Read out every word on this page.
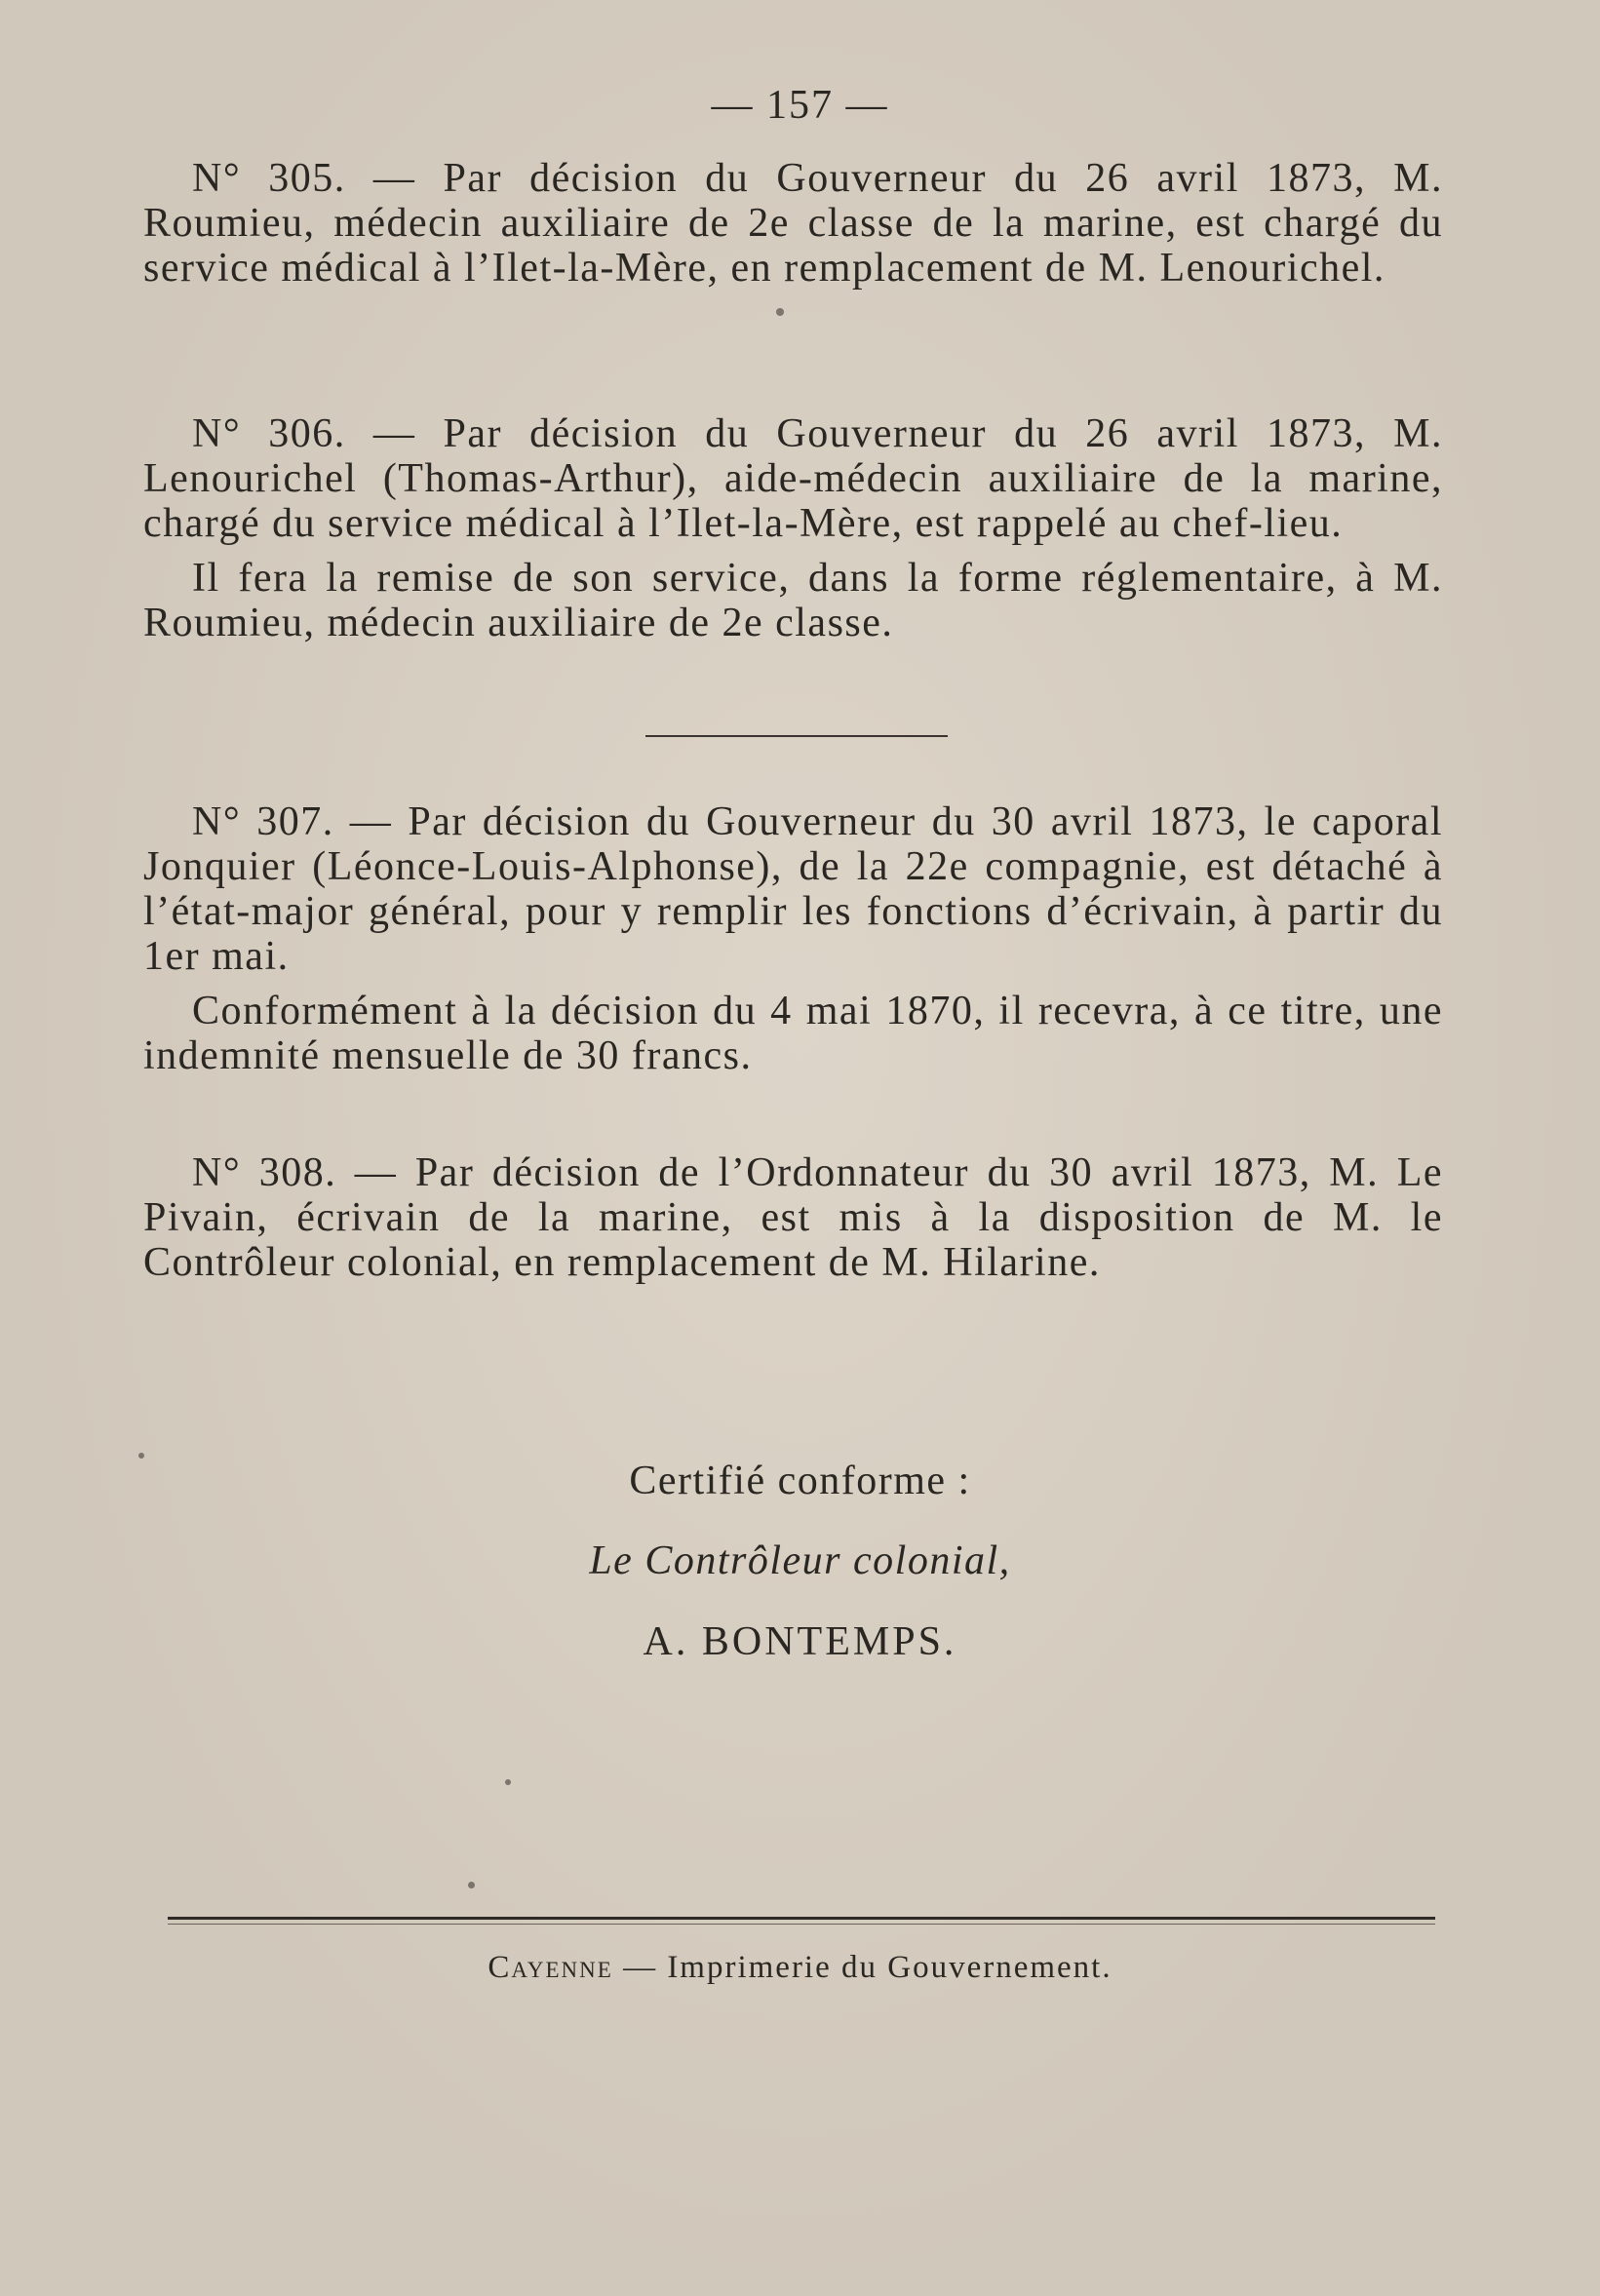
— 157 —

N° 305. — Par décision du Gouverneur du 26 avril 1873, M. Roumieu, médecin auxiliaire de 2e classe de la marine, est chargé du service médical à l’Ilet-la-Mère, en remplacement de M. Lenourichel.

N° 306. — Par décision du Gouverneur du 26 avril 1873, M. Lenourichel (Thomas-Arthur), aide-médecin auxiliaire de la marine, chargé du service médical à l’Ilet-la-Mère, est rappelé au chef-lieu.

Il fera la remise de son service, dans la forme réglementaire, à M. Roumieu, médecin auxiliaire de 2e classe.

N° 307. — Par décision du Gouverneur du 30 avril 1873, le caporal Jonquier (Léonce-Louis-Alphonse), de la 22e compagnie, est détaché à l’état-major général, pour y remplir les fonctions d’écrivain, à partir du 1er mai.

Conformément à la décision du 4 mai 1870, il recevra, à ce titre, une indemnité mensuelle de 30 francs.

N° 308. — Par décision de l’Ordonnateur du 30 avril 1873, M. Le Pivain, écrivain de la marine, est mis à la disposition de M. le Contrôleur colonial, en remplacement de M. Hilarine.

Certifié conforme :
Le Contrôleur colonial,
A. BONTEMPS.
Cayenne — Imprimerie du Gouvernement.
